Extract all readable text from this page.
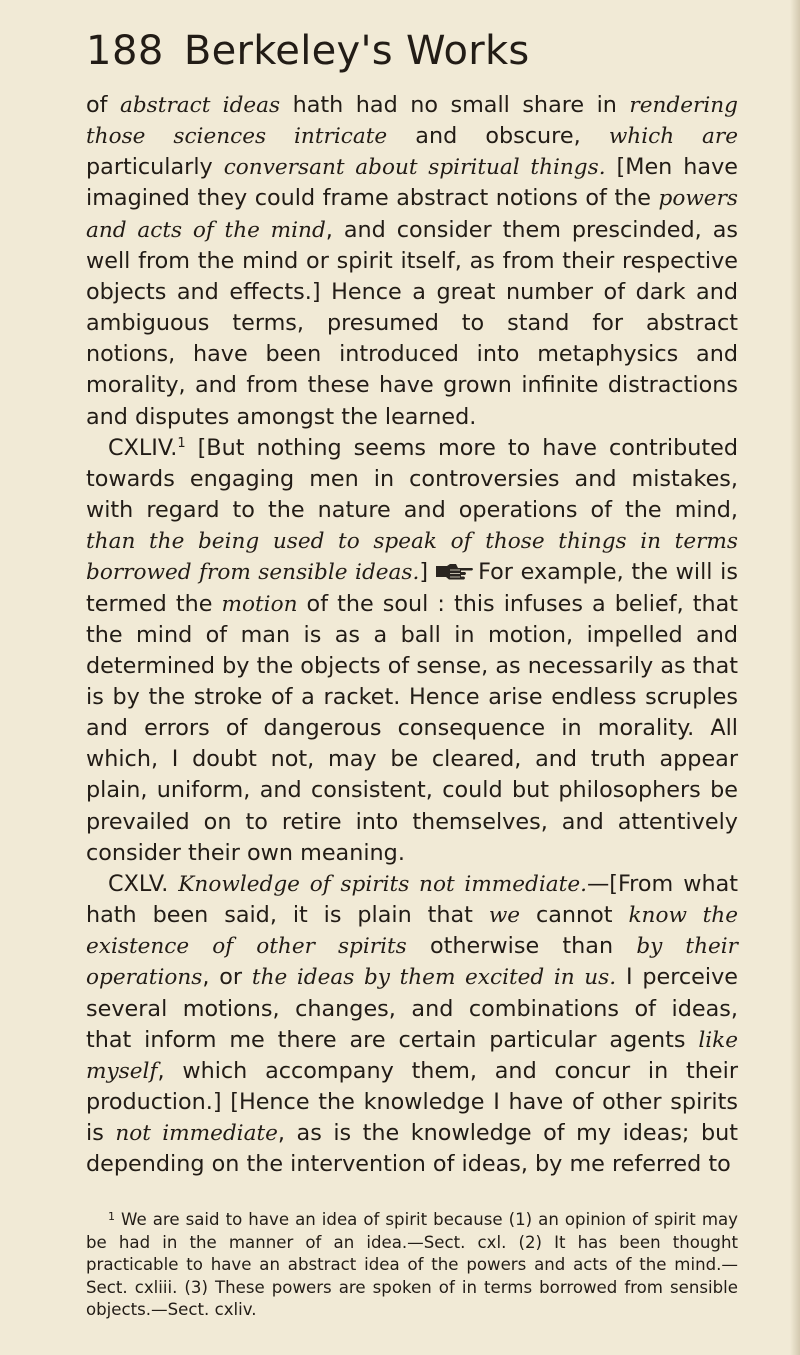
188 Berkeley's Works

of abstract ideas hath had no small share in rendering those sciences intricate and obscure, which are particularly conversant about spiritual things. [Men have imagined they could frame abstract notions of the powers and acts of the mind, and consider them prescinded, as well from the mind or spirit itself, as from their respective objects and effects.] Hence a great number of dark and ambiguous terms, presumed to stand for abstract notions, have been introduced into metaphysics and morality, and from these have grown infinite distractions and disputes amongst the learned.

CXLIV.$^1$ [But nothing seems more to have contributed towards engaging men in controversies and mistakes, with regard to the nature and operations of the mind, than the being used to speak of those things in terms borrowed from sensible ideas.] For example, the will is termed the motion of the soul : this infuses a belief, that the mind of man is as a ball in motion, impelled and determined by the objects of sense, as necessarily as that is by the stroke of a racket. Hence arise endless scruples and errors of dangerous consequence in morality. All which, I doubt not, may be cleared, and truth appear plain, uniform, and consistent, could but philosophers be prevailed on to retire into themselves, and attentively consider their own meaning.

CXLV. Knowledge of spirits not immediate.—[From what hath been said, it is plain that we cannot know the existence of other spirits otherwise than by their operations, or the ideas by them excited in us. I perceive several motions, changes, and combinations of ideas, that inform me there are certain particular agents like myself, which accompany them, and concur in their production.] [Hence the knowledge I have of other spirits is not immediate, as is the knowledge of my ideas; but depending on the intervention of ideas, by me referred to

$^1$ We are said to have an idea of spirit because (1) an opinion of spirit may be had in the manner of an idea.—Sect. cxl. (2) It has been thought practicable to have an abstract idea of the powers and acts of the mind.—Sect. cxliii. (3) These powers are spoken of in terms borrowed from sensible objects.—Sect. cxliv.
